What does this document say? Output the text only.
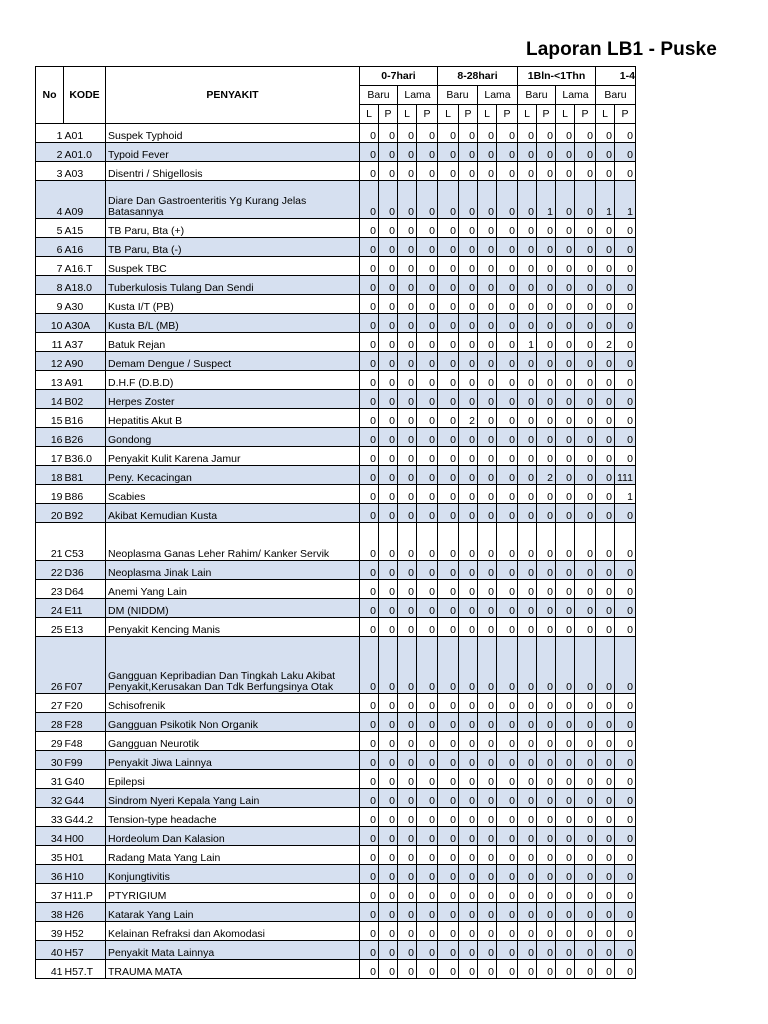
Laporan LB1 - Puske
No	KODE	PENYAKIT	0-7hari				8-28hari				1Bln-<1Thn				1-4	
			Baru		Lama		Baru		Lama		Baru		Lama		Baru	
			L	P	L	P	L	P	L	P	L	P	L	P	L	P
1	A01	Suspek Typhoid	0	0	0	0	0	0	0	0	0	0	0	0	0	0
2	A01.0	Typoid Fever	0	0	0	0	0	0	0	0	0	0	0	0	0	0
3	A03	Disentri / Shigellosis	0	0	0	0	0	0	0	0	0	0	0	0	0	0
4	A09	Diare Dan Gastroenteritis Yg Kurang Jelas Batasannya	0	0	0	0	0	0	0	0	0	1	0	0	1	1
5	A15	TB Paru, Bta (+)	0	0	0	0	0	0	0	0	0	0	0	0	0	0
6	A16	TB Paru, Bta (-)	0	0	0	0	0	0	0	0	0	0	0	0	0	0
7	A16.T	Suspek TBC	0	0	0	0	0	0	0	0	0	0	0	0	0	0
8	A18.0	Tuberkulosis Tulang Dan Sendi	0	0	0	0	0	0	0	0	0	0	0	0	0	0
9	A30	Kusta I/T (PB)	0	0	0	0	0	0	0	0	0	0	0	0	0	0
10	A30A	Kusta B/L (MB)	0	0	0	0	0	0	0	0	0	0	0	0	0	0
11	A37	Batuk Rejan	0	0	0	0	0	0	0	0	1	0	0	0	2	0
12	A90	Demam Dengue / Suspect	0	0	0	0	0	0	0	0	0	0	0	0	0	0
13	A91	D.H.F (D.B.D)	0	0	0	0	0	0	0	0	0	0	0	0	0	0
14	B02	Herpes Zoster	0	0	0	0	0	0	0	0	0	0	0	0	0	0
15	B16	Hepatitis Akut B	0	0	0	0	0	2	0	0	0	0	0	0	0	0
16	B26	Gondong	0	0	0	0	0	0	0	0	0	0	0	0	0	0
17	B36.0	Penyakit Kulit Karena Jamur	0	0	0	0	0	0	0	0	0	0	0	0	0	0
18	B81	Peny. Kecacingan	0	0	0	0	0	0	0	0	0	2	0	0	0	111
19	B86	Scabies	0	0	0	0	0	0	0	0	0	0	0	0	0	1
20	B92	Akibat Kemudian Kusta	0	0	0	0	0	0	0	0	0	0	0	0	0	0
21	C53	Neoplasma Ganas Leher Rahim/ Kanker Servik	0	0	0	0	0	0	0	0	0	0	0	0	0	0
22	D36	Neoplasma Jinak Lain	0	0	0	0	0	0	0	0	0	0	0	0	0	0
23	D64	Anemi Yang Lain	0	0	0	0	0	0	0	0	0	0	0	0	0	0
24	E11	DM (NIDDM)	0	0	0	0	0	0	0	0	0	0	0	0	0	0
25	E13	Penyakit Kencing Manis	0	0	0	0	0	0	0	0	0	0	0	0	0	0
26	F07	Gangguan Kepribadian Dan Tingkah Laku Akibat Penyakit,Kerusakan Dan Tdk Berfungsinya Otak	0	0	0	0	0	0	0	0	0	0	0	0	0	0
27	F20	Schisofrenik	0	0	0	0	0	0	0	0	0	0	0	0	0	0
28	F28	Gangguan Psikotik Non Organik	0	0	0	0	0	0	0	0	0	0	0	0	0	0
29	F48	Gangguan Neurotik	0	0	0	0	0	0	0	0	0	0	0	0	0	0
30	F99	Penyakit Jiwa Lainnya	0	0	0	0	0	0	0	0	0	0	0	0	0	0
31	G40	Epilepsi	0	0	0	0	0	0	0	0	0	0	0	0	0	0
32	G44	Sindrom Nyeri Kepala Yang Lain	0	0	0	0	0	0	0	0	0	0	0	0	0	0
33	G44.2	Tension-type headache	0	0	0	0	0	0	0	0	0	0	0	0	0	0
34	H00	Hordeolum Dan Kalasion	0	0	0	0	0	0	0	0	0	0	0	0	0	0
35	H01	Radang Mata Yang Lain	0	0	0	0	0	0	0	0	0	0	0	0	0	0
36	H10	Konjungtivitis	0	0	0	0	0	0	0	0	0	0	0	0	0	0
37	H11.P	PTYRIGIUM	0	0	0	0	0	0	0	0	0	0	0	0	0	0
38	H26	Katarak Yang Lain	0	0	0	0	0	0	0	0	0	0	0	0	0	0
39	H52	Kelainan Refraksi dan Akomodasi	0	0	0	0	0	0	0	0	0	0	0	0	0	0
40	H57	Penyakit Mata Lainnya	0	0	0	0	0	0	0	0	0	0	0	0	0	0
41	H57.T	TRAUMA MATA	0	0	0	0	0	0	0	0	0	0	0	0	0	0
